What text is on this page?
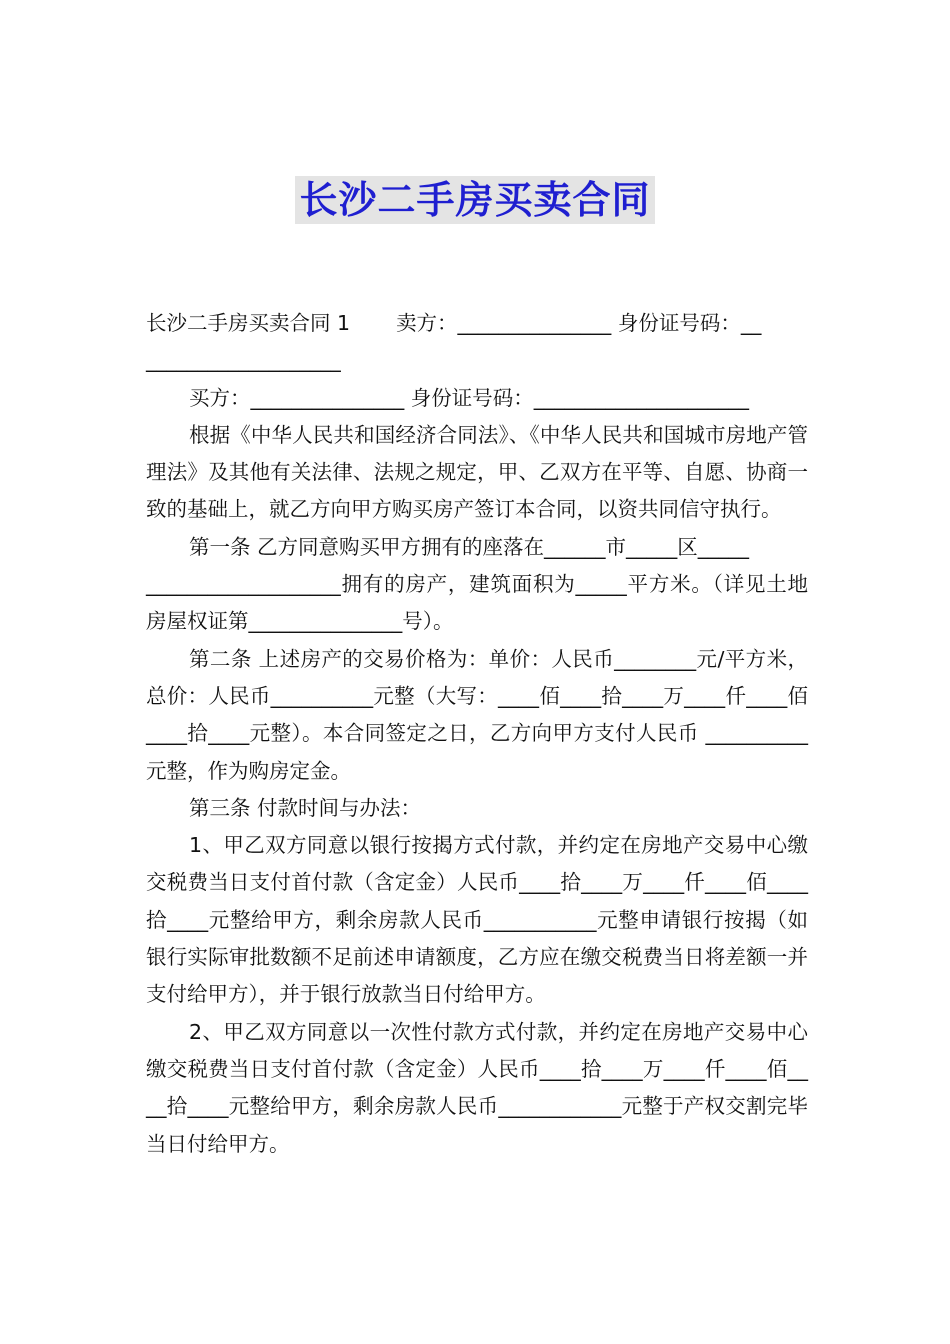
长沙二手房买卖合同

长沙二手房买卖合同 1 卖方：_______________ 身份证号码：__

___________________

买方：_______________ 身份证号码：_____________________

根据《中华人民共和国经济合同法》、《中华人民共和国城市房地产管理法》及其他有关法律、法规之规定，甲、乙双方在平等、自愿、协商一致的基础上，就乙方向甲方购买房产签订本合同，以资共同信守执行。

第一条 乙方同意购买甲方拥有的座落在______市_____区_____

___________________拥有的房产，建筑面积为_____平方米。（详见土地房屋权证第_______________号）。

第二条 上述房产的交易价格为：单价：人民币________元/平方米，总价：人民币__________元整（大写：____佰____拾____万____仟____佰____拾____元整）。本合同签定之日，乙方向甲方支付人民币 __________元整，作为购房定金。

第三条 付款时间与办法：

1、甲乙双方同意以银行按揭方式付款，并约定在房地产交易中心缴交税费当日支付首付款（含定金）人民币____拾____万____仟____佰____拾____元整给甲方，剩余房款人民币___________元整申请银行按揭（如银行实际审批数额不足前述申请额度，乙方应在缴交税费当日将差额一并支付给甲方），并于银行放款当日付给甲方。

2、甲乙双方同意以一次性付款方式付款，并约定在房地产交易中心缴交税费当日支付首付款（含定金）人民币____拾____万____仟____佰____拾____元整给甲方，剩余房款人民币____________元整于产权交割完毕当日付给甲方。
